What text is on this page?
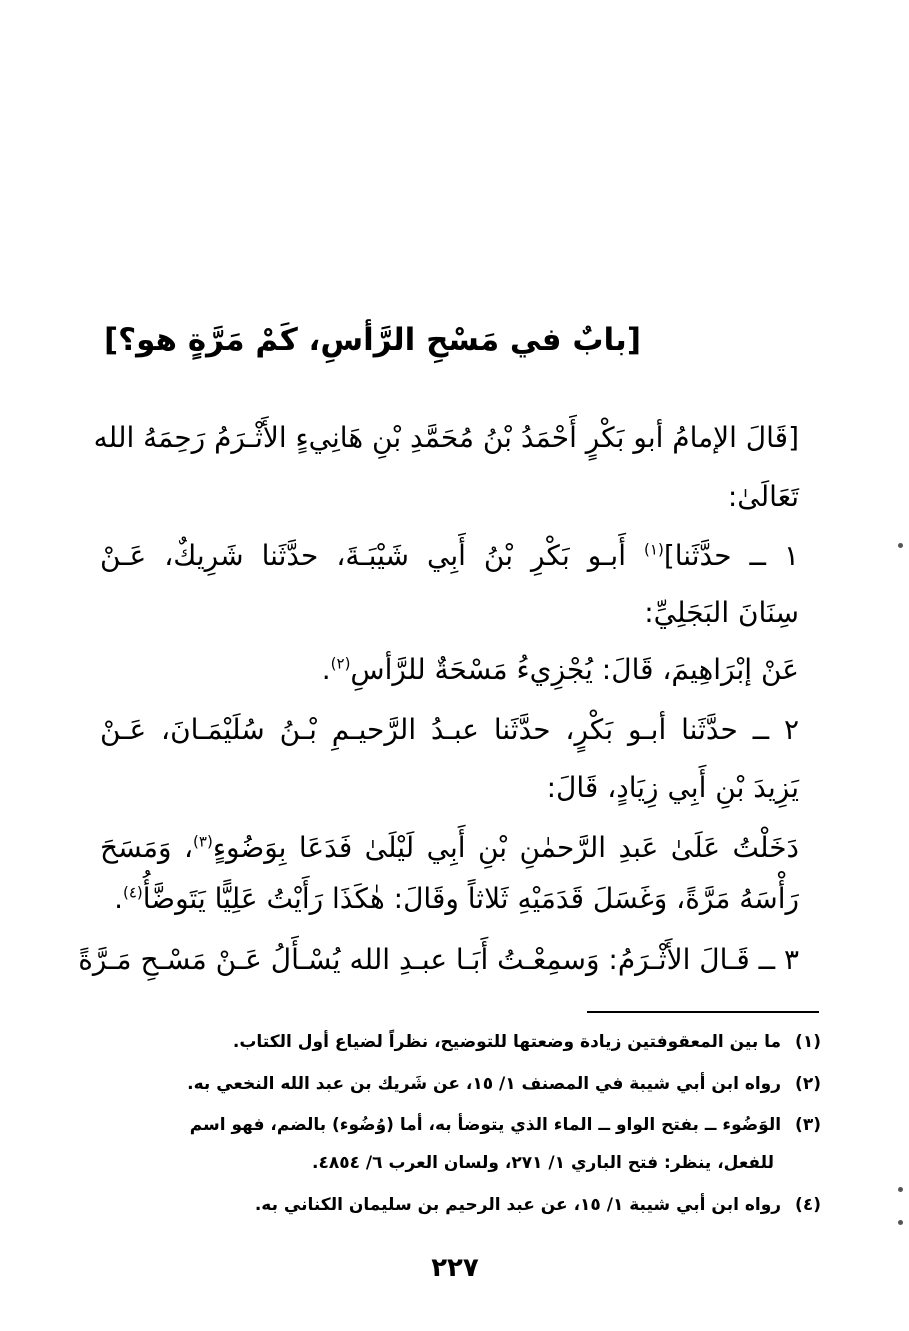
[بابٌ في مَسْحِ الرَّأسِ، كَمْ مَرَّةٍ هو؟]
[قَالَ الإمامُ أبو بَكْرٍ أَحْمَدُ بْنُ مُحَمَّدِ بْنِ هَانِيءٍ الأَثْـرَمُ رَحِمَهُ الله
تَعَالَىٰ:
١ ــ حدَّثَنا]$^{(١)}$ أَبـو بَكْرِ بْنُ أَبِي شَيْبَـةَ، حدَّثَنا شَرِيكٌ، عَـنْ
سِنَانَ البَجَلِيِّ:
عَنْ إبْرَاهِيمَ، قَالَ: يُجْزِيءُ مَسْحَةٌ للرَّأسِ$^{(٢)}$.
٢ ــ حدَّثَنا أبـو بَكْرٍ، حدَّثَنا عبـدُ الرَّحيـمِ بْـنُ سُلَيْمَـانَ، عَـنْ
يَزِيدَ بْنِ أَبِي زِيَادٍ، قَالَ:
دَخَلْتُ عَلَىٰ عَبدِ الرَّحمٰنِ بْنِ أَبِي لَيْلَىٰ فَدَعَا بِوَضُوءٍ$^{(٣)}$، وَمَسَحَ
رَأْسَهُ مَرَّةً، وَغَسَلَ قَدَمَيْهِ ثَلاثاً وقَالَ: هٰكَذَا رَأَيْتُ عَلِيًّا يَتَوضَّأُ$^{(٤)}$.
٣ ــ قَـالَ الأَثْـرَمُ: وَسمِعْـتُ أَبَـا عبـدِ الله يُسْـأَلُ عَـنْ مَسْـحِ مَـرَّةً
(١)ما بين المعقوفتين زيادة وضعتها للتوضيح، نظراً لضياع أول الكتاب.
(٢)رواه ابن أبي شيبة في المصنف ١/ ١٥، عن شَريك بن عبد الله النخعي به.
(٣)الوَضُوء ــ بفتح الواو ــ الماء الذي يتوضأ به، أما (وُضُوء) بالضم، فهو اسم
للفعل، ينظر: فتح الباري ١/ ٢٧١، ولسان العرب ٦/ ٤٨٥٤.
(٤)رواه ابن أبي شيبة ١/ ١٥، عن عبد الرحيم بن سليمان الكناني به.
٢٢٧
